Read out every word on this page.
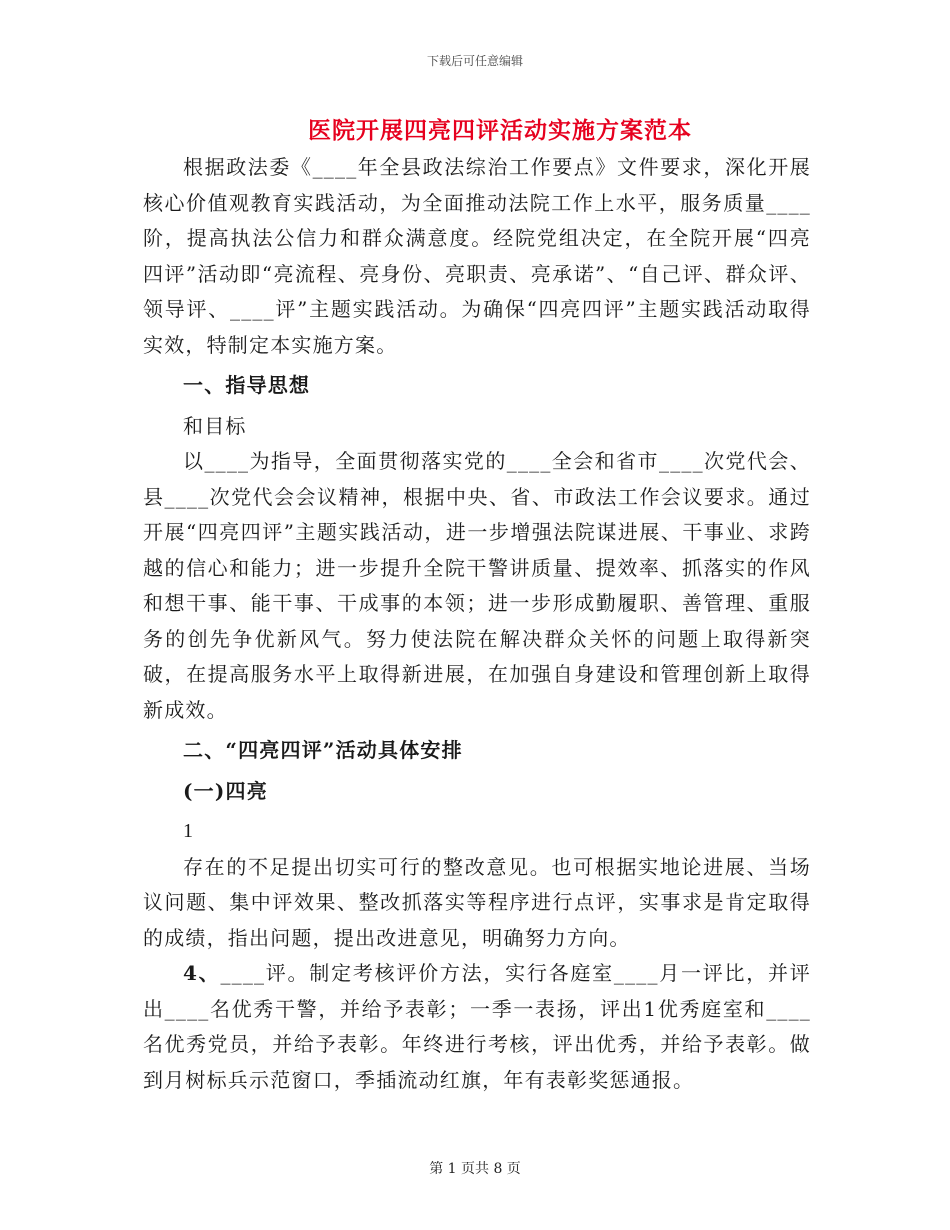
下载后可任意编辑
医院开展四亮四评活动实施方案范本

根据政法委《____年全县政法综治工作要点》文件要求，深化开展核心价值观教育实践活动，为全面推动法院工作上水平，服务质量____阶，提高执法公信力和群众满意度。经院党组决定，在全院开展“四亮四评”活动即“亮流程、亮身份、亮职责、亮承诺”、“自己评、群众评、领导评、____评”主题实践活动。为确保“四亮四评”主题实践活动取得实效，特制定本实施方案。

一、指导思想

和目标

以____为指导，全面贯彻落实党的____全会和省市____次党代会、县____次党代会会议精神，根据中央、省、市政法工作会议要求。通过开展“四亮四评”主题实践活动，进一步增强法院谋进展、干事业、求跨越的信心和能力；进一步提升全院干警讲质量、提效率、抓落实的作风和想干事、能干事、干成事的本领；进一步形成勤履职、善管理、重服务的创先争优新风气。努力使法院在解决群众关怀的问题上取得新突破，在提高服务水平上取得新进展，在加强自身建设和管理创新上取得新成效。

二、“四亮四评”活动具体安排

(一)四亮

1

存在的不足提出切实可行的整改意见。也可根据实地论进展、当场议问题、集中评效果、整改抓落实等程序进行点评，实事求是肯定取得的成绩，指出问题，提出改进意见，明确努力方向。

4、____评。制定考核评价方法，实行各庭室____月一评比，并评出____名优秀干警，并给予表彰；一季一表扬，评出1优秀庭室和____名优秀党员，并给予表彰。年终进行考核，评出优秀，并给予表彰。做到月树标兵示范窗口，季插流动红旗，年有表彰奖惩通报。

第 1 页共 8 页
